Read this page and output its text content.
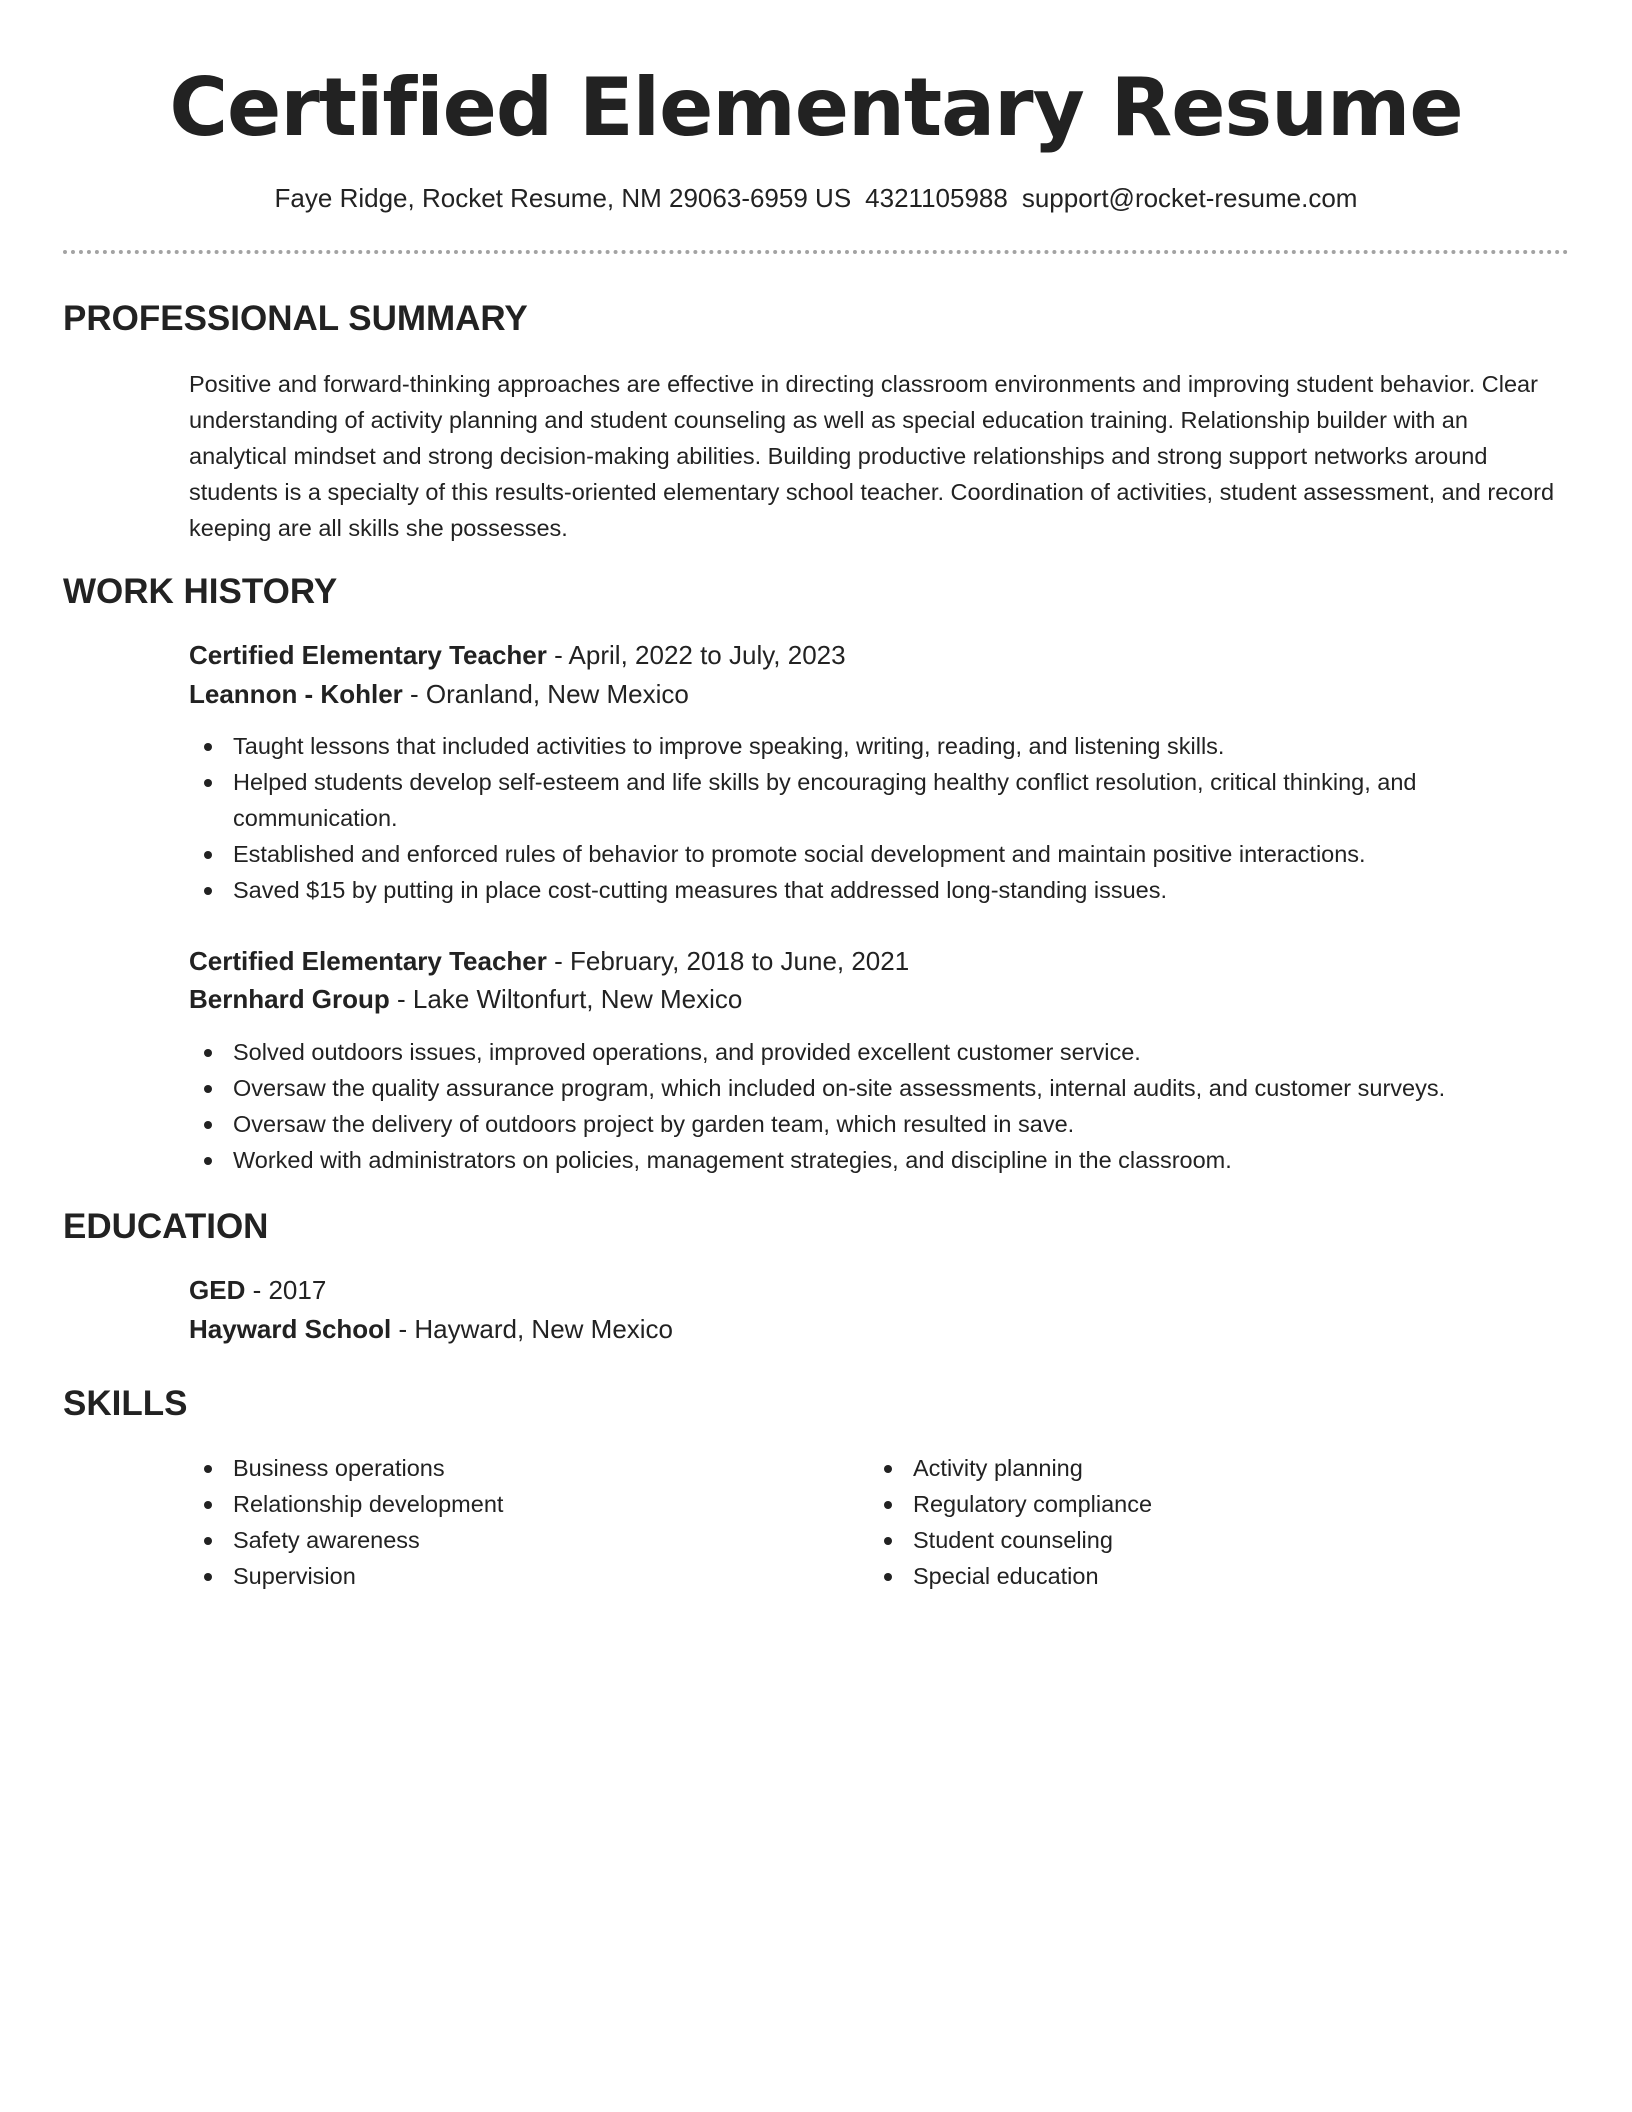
Certified Elementary Resume
Faye Ridge, Rocket Resume, NM 29063-6959 US 4321105988 support@rocket-resume.com
PROFESSIONAL SUMMARY

Positive and forward-thinking approaches are effective in directing classroom environments and improving student behavior. Clear understanding of activity planning and student counseling as well as special education training. Relationship builder with an analytical mindset and strong decision-making abilities. Building productive relationships and strong support networks around students is a specialty of this results-oriented elementary school teacher. Coordination of activities, student assessment, and record keeping are all skills she possesses.

WORK HISTORY
Certified Elementary Teacher - April, 2022 to July, 2023
Leannon - Kohler - Oranland, New Mexico
Taught lessons that included activities to improve speaking, writing, reading, and listening skills.
Helped students develop self-esteem and life skills by encouraging healthy conflict resolution, critical thinking, and communication.
Established and enforced rules of behavior to promote social development and maintain positive interactions.
Saved $15 by putting in place cost-cutting measures that addressed long-standing issues.
Certified Elementary Teacher - February, 2018 to June, 2021
Bernhard Group - Lake Wiltonfurt, New Mexico
Solved outdoors issues, improved operations, and provided excellent customer service.
Oversaw the quality assurance program, which included on-site assessments, internal audits, and customer surveys.
Oversaw the delivery of outdoors project by garden team, which resulted in save.
Worked with administrators on policies, management strategies, and discipline in the classroom.
EDUCATION
GED - 2017
Hayward School - Hayward, New Mexico
SKILLS
Business operations
Relationship development
Safety awareness
Supervision
Activity planning
Regulatory compliance
Student counseling
Special education
